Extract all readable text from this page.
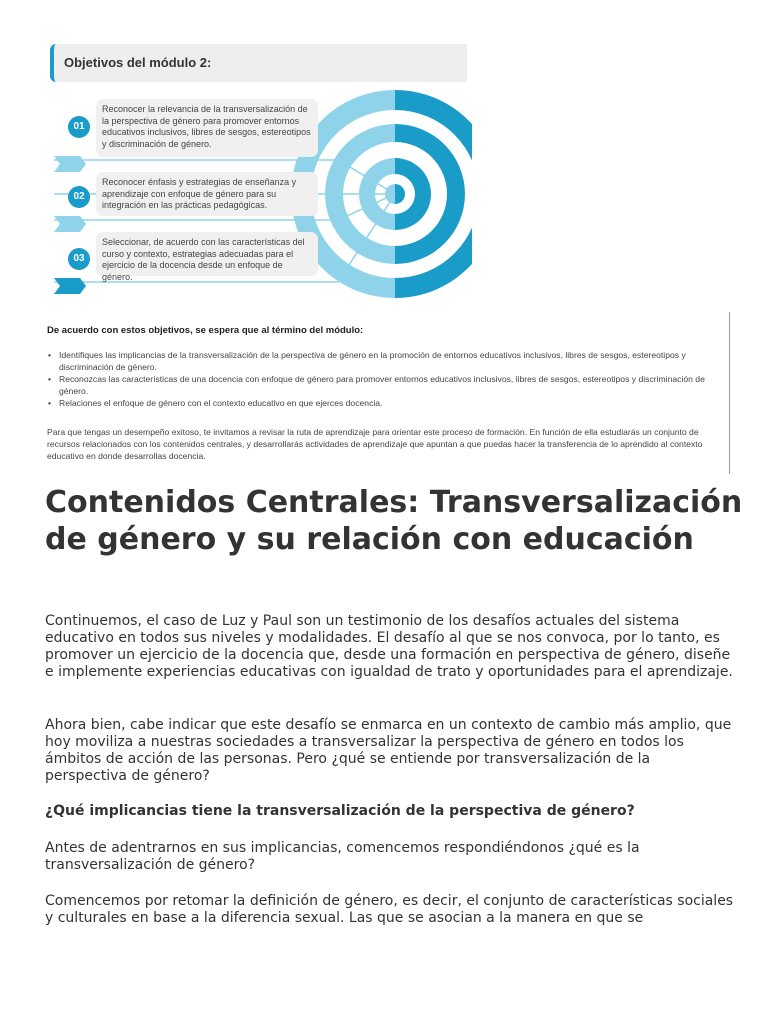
Objetivos del módulo 2:
01
Reconocer la relevancia de la transversalización de la perspectiva de género para promover entornos educativos inclusivos, libres de sesgos, estereotipos y discriminación de género.
02
Reconocer énfasis y estrategias de enseñanza y aprendizaje con enfoque de género para su integración en las prácticas pedagógicas.
03
Seleccionar, de acuerdo con las características del curso y contexto, estrategias adecuadas para el ejercicio de la docencia desde un enfoque de género.
De acuerdo con estos objetivos, se espera que al término del módulo:
• Identifiques las implicancias de la transversalización de la perspectiva de género en la promoción de entornos educativos inclusivos, libres de sesgos, estereotipos y discriminación de género.
• Reconozcas las características de una docencia con enfoque de género para promover entornos educativos inclusivos, libres de sesgos, estereotipos y discriminación de género.
• Relaciones el enfoque de género con el contexto educativo en que ejerces docencia.

Para que tengas un desempeño exitoso, te invitamos a revisar la ruta de aprendizaje para orientar este proceso de formación. En función de ella estudiarás un conjunto de recursos relacionados con los contenidos centrales, y desarrollarás actividades de aprendizaje que apuntan a que puedas hacer la transferencia de lo aprendido al contexto educativo en donde desarrollas docencia.

Contenidos Centrales: Transversalización de género y su relación con educación

Continuemos, el caso de Luz y Paul son un testimonio de los desafíos actuales del sistema educativo en todos sus niveles y modalidades. El desafío al que se nos convoca, por lo tanto, es promover un ejercicio de la docencia que, desde una formación en perspectiva de género, diseñe e implemente experiencias educativas con igualdad de trato y oportunidades para el aprendizaje.

Ahora bien, cabe indicar que este desafío se enmarca en un contexto de cambio más amplio, que hoy moviliza a nuestras sociedades a transversalizar la perspectiva de género en todos los ámbitos de acción de las personas. Pero ¿qué se entiende por transversalización de la perspectiva de género?

¿Qué implicancias tiene la transversalización de la perspectiva de género?

Antes de adentrarnos en sus implicancias, comencemos respondiéndonos ¿qué es la transversalización de género?

Comencemos por retomar la definición de género, es decir, el conjunto de características sociales y culturales en base a la diferencia sexual. Las que se asocian a la manera en que se
